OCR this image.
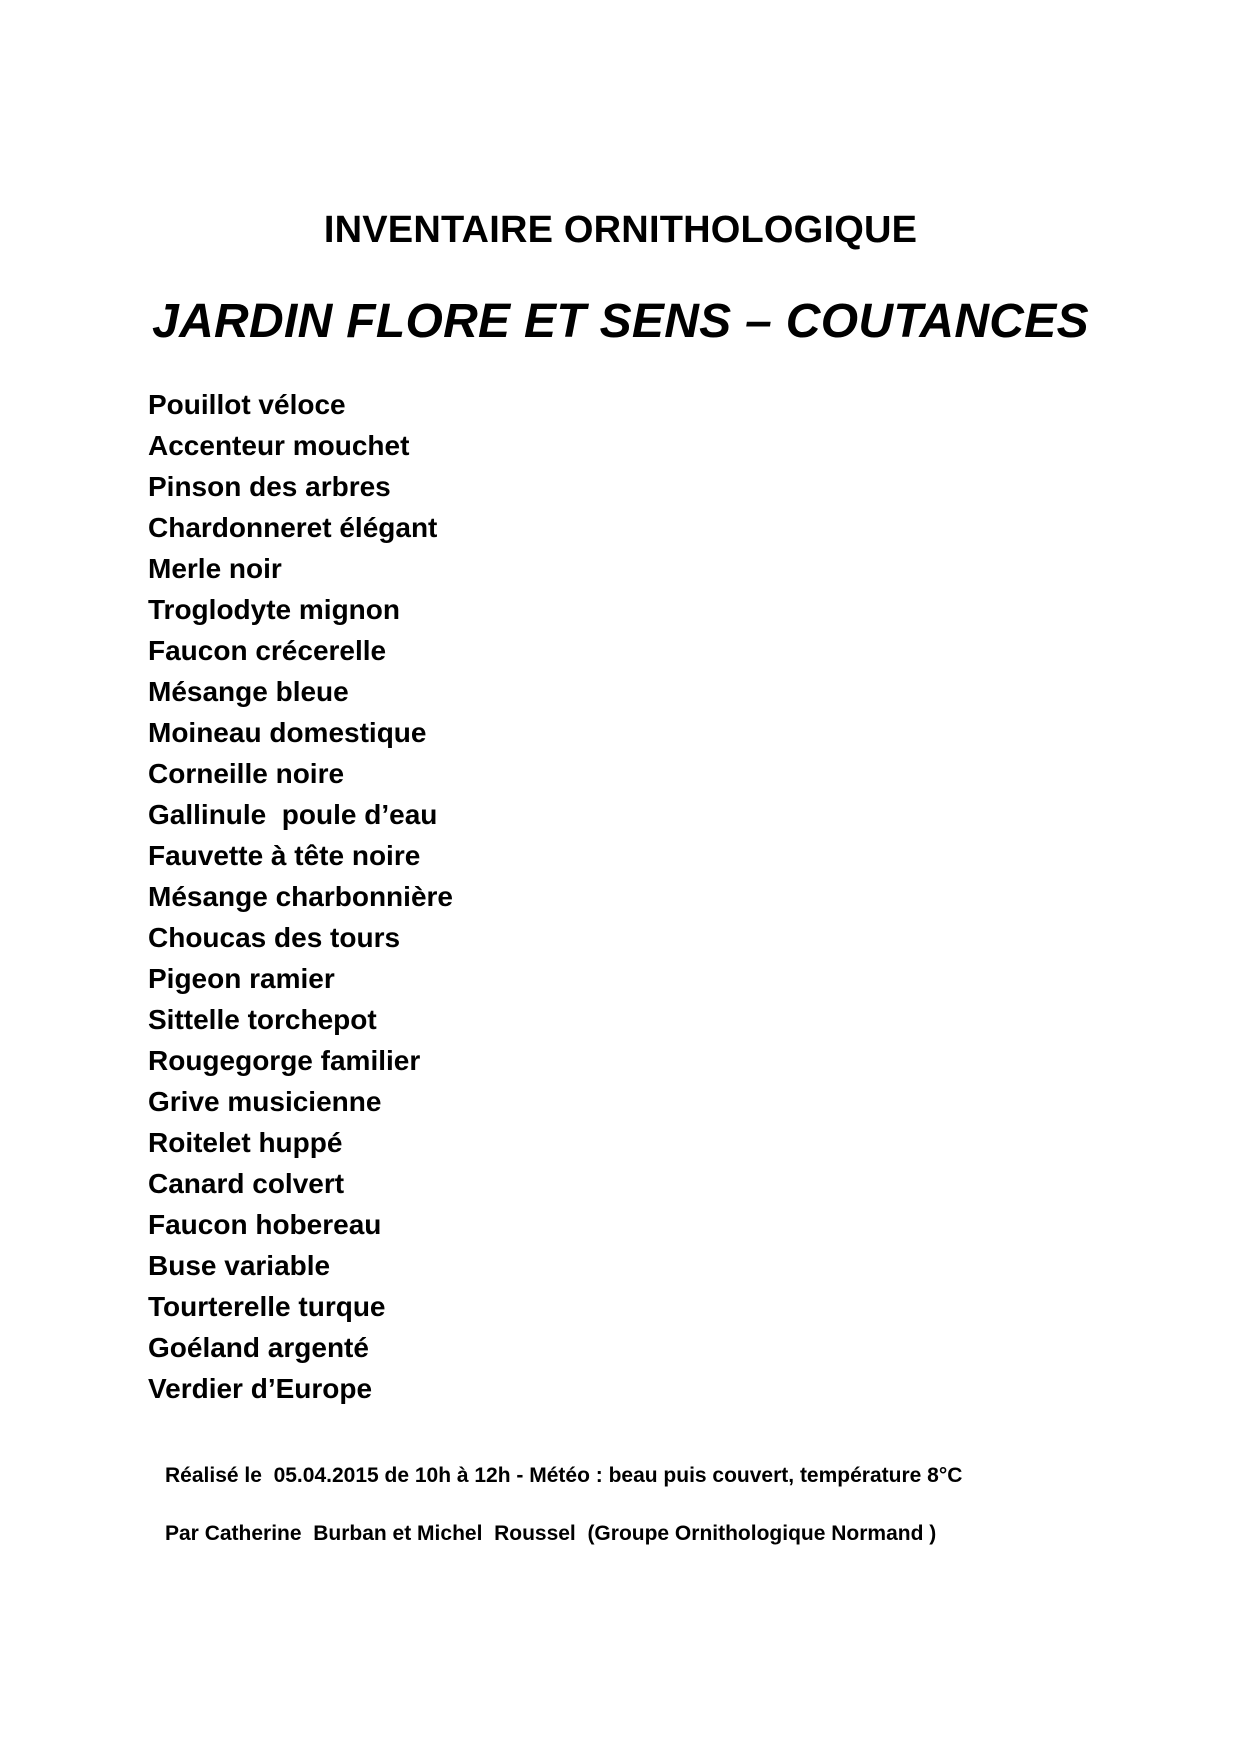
INVENTAIRE ORNITHOLOGIQUE
JARDIN FLORE ET SENS – COUTANCES
Pouillot véloce
Accenteur mouchet
Pinson des arbres
Chardonneret élégant
Merle noir
Troglodyte mignon
Faucon crécerelle
Mésange bleue
Moineau domestique
Corneille noire
Gallinule  poule d’eau
Fauvette à tête noire
Mésange charbonnière
Choucas des tours
Pigeon ramier
Sittelle torchepot
Rougegorge familier
Grive musicienne
Roitelet huppé
Canard colvert
Faucon hobereau
Buse variable
Tourterelle turque
Goéland argenté
Verdier d’Europe

Réalisé le  05.04.2015 de 10h à 12h - Météo : beau puis couvert, température 8°C

Par Catherine  Burban et Michel  Roussel  (Groupe Ornithologique Normand )
